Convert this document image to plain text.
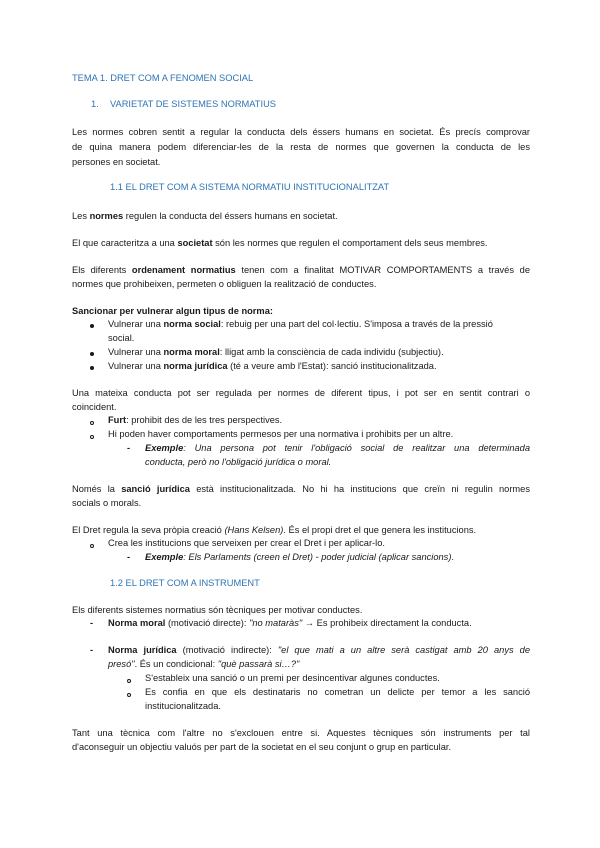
TEMA 1. DRET COM A FENOMEN SOCIAL
1. VARIETAT DE SISTEMES NORMATIUS
Les normes cobren sentit a regular la conducta dels éssers humans en societat. És precís comprovar
de quina manera podem diferenciar-les de la resta de normes que governen la conducta de les
persones en societat.
1.1 EL DRET COM A SISTEMA NORMATIU INSTITUCIONALITZAT
Les normes regulen la conducta del éssers humans en societat.
El que caracteritza a una societat són les normes que regulen el comportament dels seus membres.
Els diferents ordenament normatius tenen com a finalitat MOTIVAR COMPORTAMENTS a través de
normes que prohibeixen, permeten o obliguen la realització de conductes.
Sancionar per vulnerar algun tipus de norma:
Vulnerar una norma social: rebuig per una part del col·lectiu. S'imposa a través de la pressió
social.
Vulnerar una norma moral: lligat amb la consciència de cada individu (subjectiu).
Vulnerar una norma jurídica (té a veure amb l'Estat): sanció institucionalitzada.
Una mateixa conducta pot ser regulada per normes de diferent tipus, i pot ser en sentit contrari o
coincident.
Furt: prohibit des de les tres perspectives.
Hi poden haver comportaments permesos per una normativa i prohibits per un altre.
- Exemple: Una persona pot tenir l'obligació social de realitzar una determinada
conducta, però no l'obligació jurídica o moral.
Només la sanció jurídica està institucionalitzada. No hi ha institucions que creïn ni regulin normes
socials o morals.
El Dret regula la seva pròpia creació (Hans Kelsen). És el propi dret el que genera les institucions.
Crea les institucions que serveixen per crear el Dret i per aplicar-lo.
- Exemple: Els Parlaments (creen el Dret) - poder judicial (aplicar sancions).
1.2 EL DRET COM A INSTRUMENT
Els diferents sistemes normatius són tècniques per motivar conductes.
- Norma moral (motivació directe): "no mataràs" → Es prohibeix directament la conducta.
- Norma jurídica (motivació indirecte): "el que mati a un altre serà castigat amb 20 anys de
presó". És un condicional: "què passarà si…?"
S'estableix una sanció o un premi per desincentivar algunes conductes.
Es confia en que els destinataris no cometran un delicte per temor a les sanció
institucionalitzada.
Tant una tècnica com l'altre no s'exclouen entre si. Aquestes tècniques són instruments per tal
d'aconseguir un objectiu valuós per part de la societat en el seu conjunt o grup en particular.
